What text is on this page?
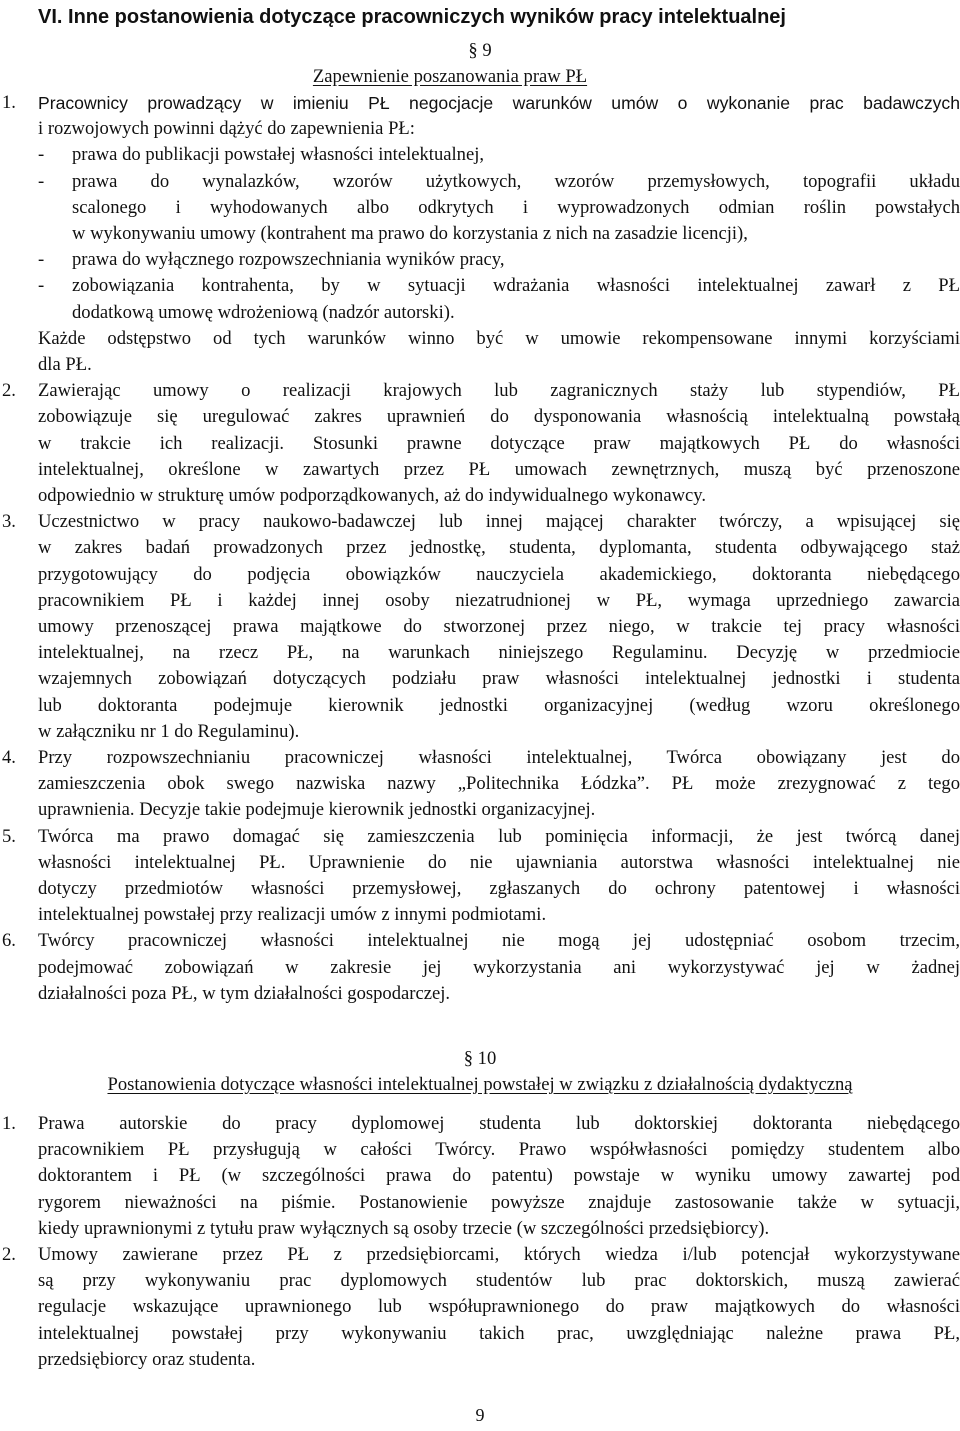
VI. Inne postanowienia dotyczące pracowniczych wyników pracy intelektualnej
§ 9
Zapewnienie poszanowania praw PŁ
1. Pracownicy prowadzący w imieniu PŁ negocjacje warunków umów o wykonanie prac badawczych
i rozwojowych powinni dążyć do zapewnienia PŁ:
- prawa do publikacji powstałej własności intelektualnej,
- prawa do wynalazków, wzorów użytkowych, wzorów przemysłowych, topografii układu
scalonego i wyhodowanych albo odkrytych i wyprowadzonych odmian roślin powstałych
w wykonywaniu umowy (kontrahent ma prawo do korzystania z nich na zasadzie licencji),
- prawa do wyłącznego rozpowszechniania wyników pracy,
- zobowiązania kontrahenta, by w sytuacji wdrażania własności intelektualnej zawarł z PŁ
dodatkową umowę wdrożeniową (nadzór autorski).
Każde odstępstwo od tych warunków winno być w umowie rekompensowane innymi korzyściami
dla PŁ.
2. Zawierając umowy o realizacji krajowych lub zagranicznych staży lub stypendiów, PŁ
zobowiązuje się uregulować zakres uprawnień do dysponowania własnością intelektualną powstałą
w trakcie ich realizacji. Stosunki prawne dotyczące praw majątkowych PŁ do własności
intelektualnej, określone w zawartych przez PŁ umowach zewnętrznych, muszą być przenoszone
odpowiednio w strukturę umów podporządkowanych, aż do indywidualnego wykonawcy.
3. Uczestnictwo w pracy naukowo-badawczej lub innej mającej charakter twórczy, a wpisującej się
w zakres badań prowadzonych przez jednostkę, studenta, dyplomanta, studenta odbywającego staż
przygotowujący do podjęcia obowiązków nauczyciela akademickiego, doktoranta niebędącego
pracownikiem PŁ i każdej innej osoby niezatrudnionej w PŁ, wymaga uprzedniego zawarcia
umowy przenoszącej prawa majątkowe do stworzonej przez niego, w trakcie tej pracy własności
intelektualnej, na rzecz PŁ, na warunkach niniejszego Regulaminu. Decyzję w przedmiocie
wzajemnych zobowiązań dotyczących podziału praw własności intelektualnej jednostki i studenta
lub doktoranta podejmuje kierownik jednostki organizacyjnej (według wzoru określonego
w załączniku nr 1 do Regulaminu).
4. Przy rozpowszechnianiu pracowniczej własności intelektualnej, Twórca obowiązany jest do
zamieszczenia obok swego nazwiska nazwy „Politechnika Łódzka”. PŁ może zrezygnować z tego
uprawnienia. Decyzje takie podejmuje kierownik jednostki organizacyjnej.
5. Twórca ma prawo domagać się zamieszczenia lub pominięcia informacji, że jest twórcą danej
własności intelektualnej PŁ. Uprawnienie do nie ujawniania autorstwa własności intelektualnej nie
dotyczy przedmiotów własności przemysłowej, zgłaszanych do ochrony patentowej i własności
intelektualnej powstałej przy realizacji umów z innymi podmiotami.
6. Twórcy pracowniczej własności intelektualnej nie mogą jej udostępniać osobom trzecim,
podejmować zobowiązań w zakresie jej wykorzystania ani wykorzystywać jej w żadnej
działalności poza PŁ, w tym działalności gospodarczej.
§ 10
Postanowienia dotyczące własności intelektualnej powstałej w związku z działalnością dydaktyczną
1. Prawa autorskie do pracy dyplomowej studenta lub doktorskiej doktoranta niebędącego
pracownikiem PŁ przysługują w całości Twórcy. Prawo współwłasności pomiędzy studentem albo
doktorantem i PŁ (w szczególności prawa do patentu) powstaje w wyniku umowy zawartej pod
rygorem nieważności na piśmie. Postanowienie powyższe znajduje zastosowanie także w sytuacji,
kiedy uprawnionymi z tytułu praw wyłącznych są osoby trzecie (w szczególności przedsiębiorcy).
2. Umowy zawierane przez PŁ z przedsiębiorcami, których wiedza i/lub potencjał wykorzystywane
są przy wykonywaniu prac dyplomowych studentów lub prac doktorskich, muszą zawierać
regulacje wskazujące uprawnionego lub współuprawnionego do praw majątkowych do własności
intelektualnej powstałej przy wykonywaniu takich prac, uwzględniając należne prawa PŁ,
przedsiębiorcy oraz studenta.
9
